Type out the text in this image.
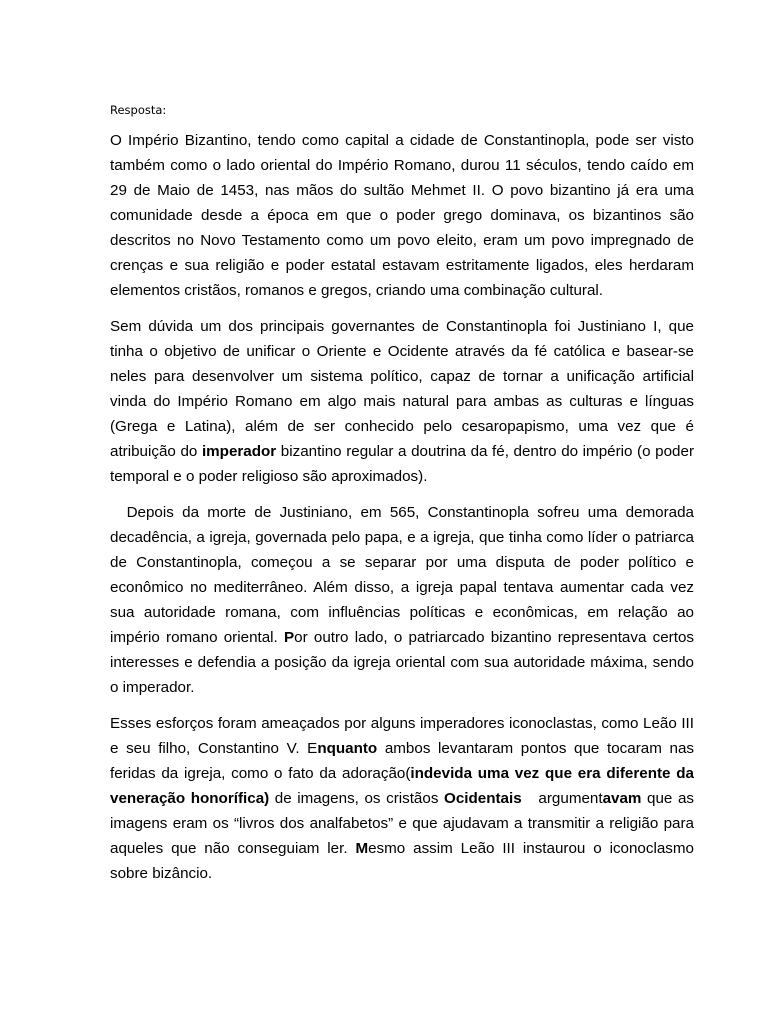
Resposta:

O Império Bizantino, tendo como capital a cidade de Constantinopla, pode ser visto também como o lado oriental do Império Romano, durou 11 séculos, tendo caído em 29 de Maio de 1453, nas mãos do sultão Mehmet II. O povo bizantino já era uma comunidade desde a época em que o poder grego dominava, os bizantinos são descritos no Novo Testamento como um povo eleito, eram um povo impregnado de crenças e sua religião e poder estatal estavam estritamente ligados, eles herdaram elementos cristãos, romanos e gregos, criando uma combinação cultural.

Sem dúvida um dos principais governantes de Constantinopla foi Justiniano I, que tinha o objetivo de unificar o Oriente e Ocidente através da fé católica e basear-se neles para desenvolver um sistema político, capaz de tornar a unificação artificial vinda do Império Romano em algo mais natural para ambas as culturas e línguas (Grega e Latina), além de ser conhecido pelo cesaropapismo, uma vez que é atribuição do imperador bizantino regular a doutrina da fé, dentro do império (o poder temporal e o poder religioso são aproximados).

Depois da morte de Justiniano, em 565, Constantinopla sofreu uma demorada decadência, a igreja, governada pelo papa, e a igreja, que tinha como líder o patriarca de Constantinopla, começou a se separar por uma disputa de poder político e econômico no mediterrâneo. Além disso, a igreja papal tentava aumentar cada vez sua autoridade romana, com influências políticas e econômicas, em relação ao império romano oriental. Por outro lado, o patriarcado bizantino representava certos interesses e defendia a posição da igreja oriental com sua autoridade máxima, sendo o imperador.

Esses esforços foram ameaçados por alguns imperadores iconoclastas, como Leão III e seu filho, Constantino V. Enquanto ambos levantaram pontos que tocaram nas feridas da igreja, como o fato da adoração(indevida uma vez que era diferente da veneração honorífica) de imagens, os cristãos Ocidentais   argumentavam que as imagens eram os “livros dos analfabetos” e que ajudavam a transmitir a religião para aqueles que não conseguiam ler. Mesmo assim Leão III instaurou o iconoclasmo sobre bizâncio.
